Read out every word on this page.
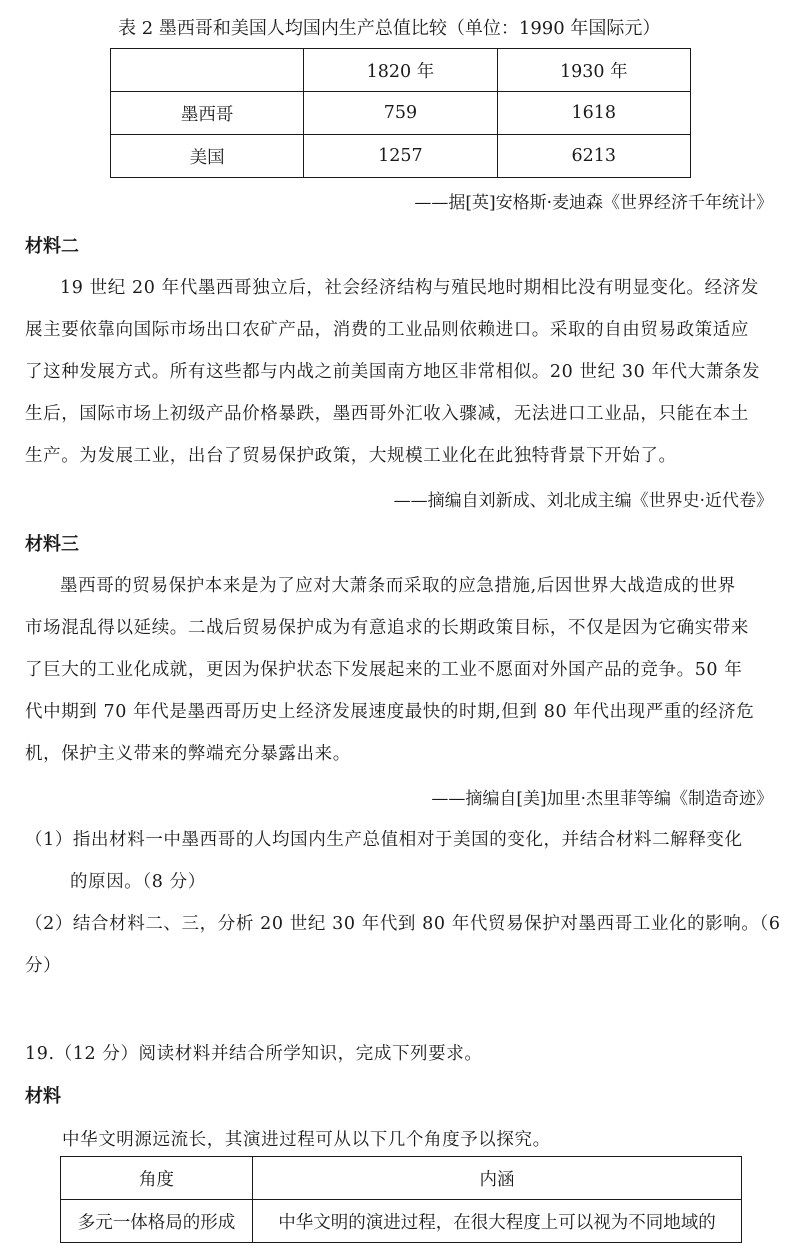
表 2 墨西哥和美国人均国内生产总值比较（单位：1990 年国际元）
	1820 年	1930 年
墨西哥	759	1618
美国	1257	6213
——据[英]安格斯·麦迪森《世界经济千年统计》
材料二
19 世纪 20 年代墨西哥独立后，社会经济结构与殖民地时期相比没有明显变化。经济发
展主要依靠向国际市场出口农矿产品，消费的工业品则依赖进口。采取的自由贸易政策适应
了这种发展方式。所有这些都与内战之前美国南方地区非常相似。20 世纪 30 年代大萧条发
生后，国际市场上初级产品价格暴跌，墨西哥外汇收入骤减，无法进口工业品，只能在本土
生产。为发展工业，出台了贸易保护政策，大规模工业化在此独特背景下开始了。
——摘编自刘新成、刘北成主编《世界史·近代卷》
材料三
墨西哥的贸易保护本来是为了应对大萧条而采取的应急措施,后因世界大战造成的世界
市场混乱得以延续。二战后贸易保护成为有意追求的长期政策目标，不仅是因为它确实带来
了巨大的工业化成就，更因为保护状态下发展起来的工业不愿面对外国产品的竞争。50 年
代中期到 70 年代是墨西哥历史上经济发展速度最快的时期,但到 80 年代出现严重的经济危
机，保护主义带来的弊端充分暴露出来。
——摘编自[美]加里·杰里菲等编《制造奇迹》
（1）指出材料一中墨西哥的人均国内生产总值相对于美国的变化，并结合材料二解释变化
的原因。（8 分）
（2）结合材料二、三，分析 20 世纪 30 年代到 80 年代贸易保护对墨西哥工业化的影响。（6
分）
19.（12 分）阅读材料并结合所学知识，完成下列要求。
材料
中华文明源远流长，其演进过程可从以下几个角度予以探究。
角度	内涵
多元一体格局的形成	中华文明的演进过程，在很大程度上可以视为不同地域的
